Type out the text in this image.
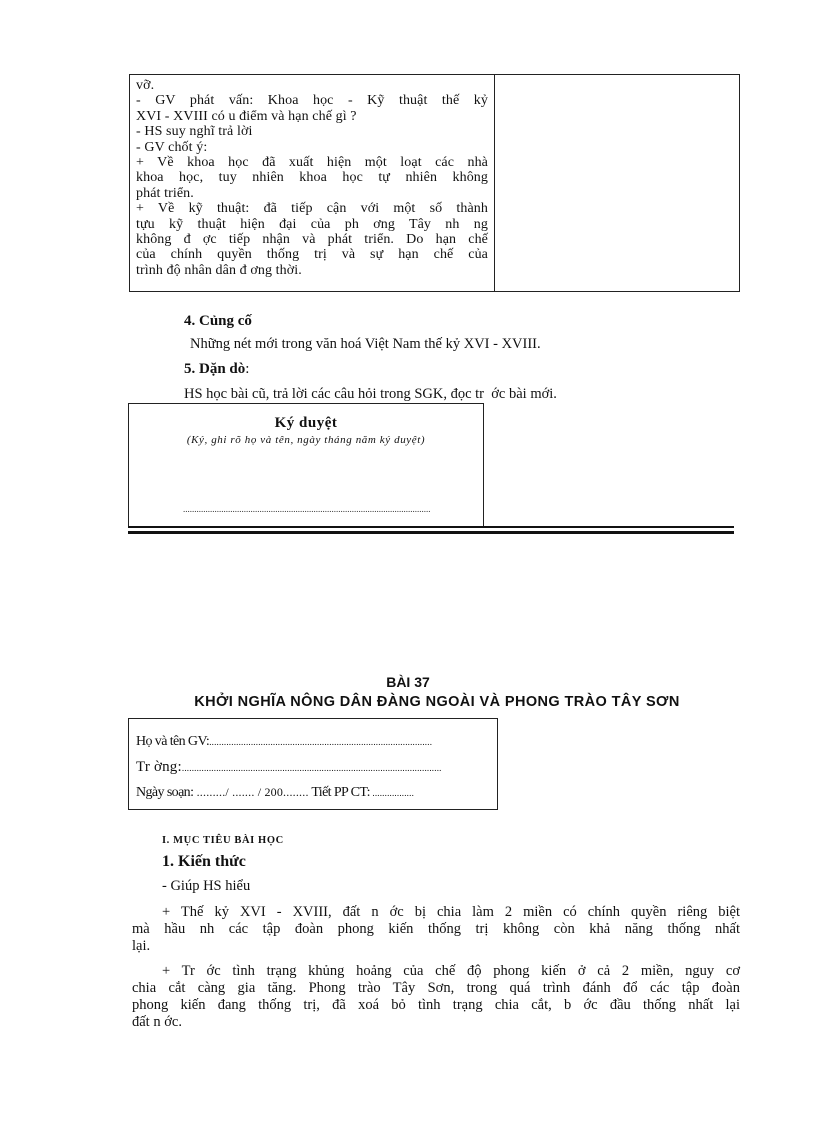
vỡ.
- GV phát vấn: Khoa học - Kỹ thuật thế kỷ
XVI - XVIII có u điểm và hạn chế gì ?
- HS suy nghĩ trả lời
- GV chốt ý:
+ Về khoa học đã xuất hiện một loạt các nhà
khoa học, tuy nhiên khoa học tự nhiên không
phát triển.
+ Về kỹ thuật: đã tiếp cận với một số thành
tựu kỹ thuật hiện đại của ph ơng Tây nh ng
không đ ợc tiếp nhận và phát triển. Do hạn chế
của chính quyền thống trị và sự hạn chế của
trình độ nhân dân đ ơng thời.
4. Củng cố
Những nét mới trong văn hoá Việt Nam thế kỷ XVI - XVIII.
5. Dặn dò:
HS học bài cũ, trả lời các câu hỏi trong SGK, đọc tr  ớc bài mới.
Ký duyệt
(Ký, ghi rõ họ và tên, ngày tháng năm ký duyệt)
..............................................................................................................
BÀI 37
KHỞI NGHĨA NÔNG DÂN ĐÀNG NGOÀI VÀ PHONG TRÀO TÂY SƠN
Họ và tên GV:...........................................................................................
Tr ờng:..........................................................................................................
Ngày soạn: ........./ ....... / 200........ Tiết PP CT: .................
I. MỤC TIÊU BÀI HỌC
1. Kiến thức
- Giúp HS hiểu
+ Thế kỷ XVI - XVIII, đất n ớc bị chia làm 2 miền có chính quyền riêng biệt
mà hầu nh các tập đoàn phong kiến thống trị không còn khả năng thống nhất
lại.
+ Tr ớc tình trạng khủng hoảng của chế độ phong kiến ở cả 2 miền, nguy cơ
chia cắt càng gia tăng. Phong trào Tây Sơn, trong quá trình đánh đổ các tập đoàn
phong kiến đang thống trị, đã xoá bỏ tình trạng chia cắt, b ớc đầu thống nhất lại
đất n ớc.
